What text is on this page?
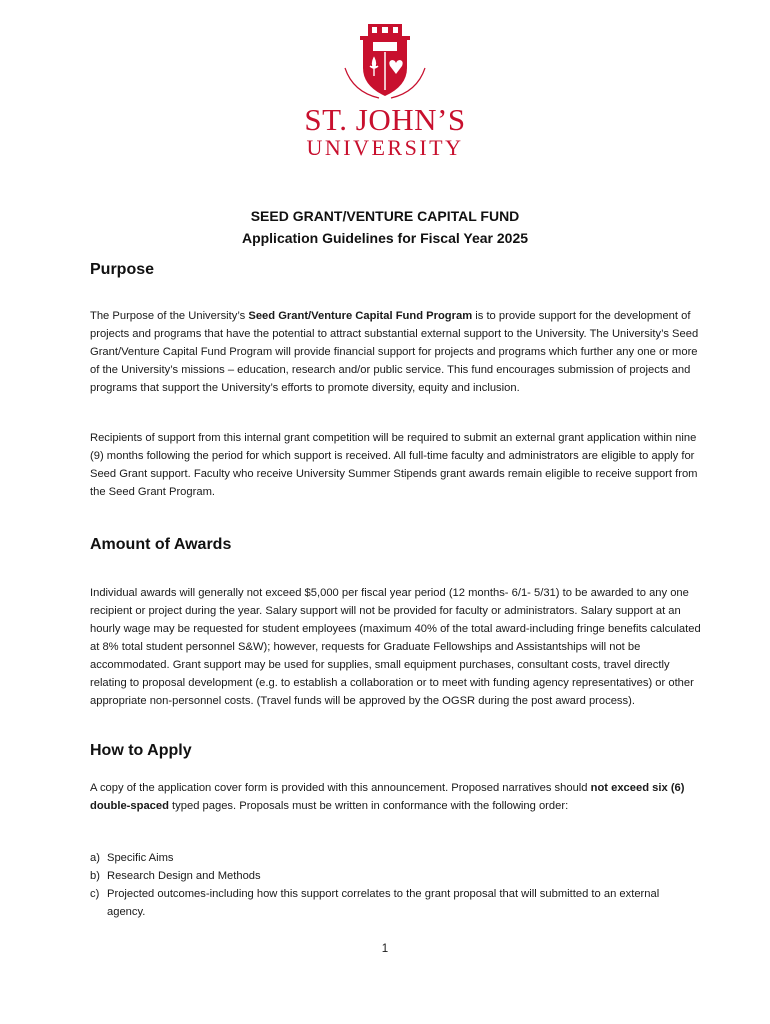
ST. JOHN’S
UNIVERSITY
SEED GRANT/VENTURE CAPITAL FUND
Application Guidelines for Fiscal Year 2025
Purpose

The Purpose of the University’s Seed Grant/Venture Capital Fund Program is to provide support for the development of projects and programs that have the potential to attract substantial external support to the University. The University’s Seed Grant/Venture Capital Fund Program will provide financial support for projects and programs which further any one or more of the University’s missions – education, research and/or public service. This fund encourages submission of projects and programs that support the University’s efforts to promote diversity, equity and inclusion.

Recipients of support from this internal grant competition will be required to submit an external grant application within nine (9) months following the period for which support is received. All full-time faculty and administrators are eligible to apply for Seed Grant support. Faculty who receive University Summer Stipends grant awards remain eligible to receive support from the Seed Grant Program.

Amount of Awards

Individual awards will generally not exceed $5,000 per fiscal year period (12 months- 6/1- 5/31) to be awarded to any one recipient or project during the year. Salary support will not be provided for faculty or administrators. Salary support at an hourly wage may be requested for student employees (maximum 40% of the total award-including fringe benefits calculated at 8% total student personnel S&W); however, requests for Graduate Fellowships and Assistantships will not be accommodated. Grant support may be used for supplies, small equipment purchases, consultant costs, travel directly relating to proposal development (e.g. to establish a collaboration or to meet with funding agency representatives) or other appropriate non-personnel costs. (Travel funds will be approved by the OGSR during the post award process).

How to Apply

A copy of the application cover form is provided with this announcement. Proposed narratives should not exceed six (6) double-spaced typed pages. Proposals must be written in conformance with the following order:

a) Specific Aims
b) Research Design and Methods
c) Projected outcomes-including how this support correlates to the grant proposal that will submitted to an external agency.
1
